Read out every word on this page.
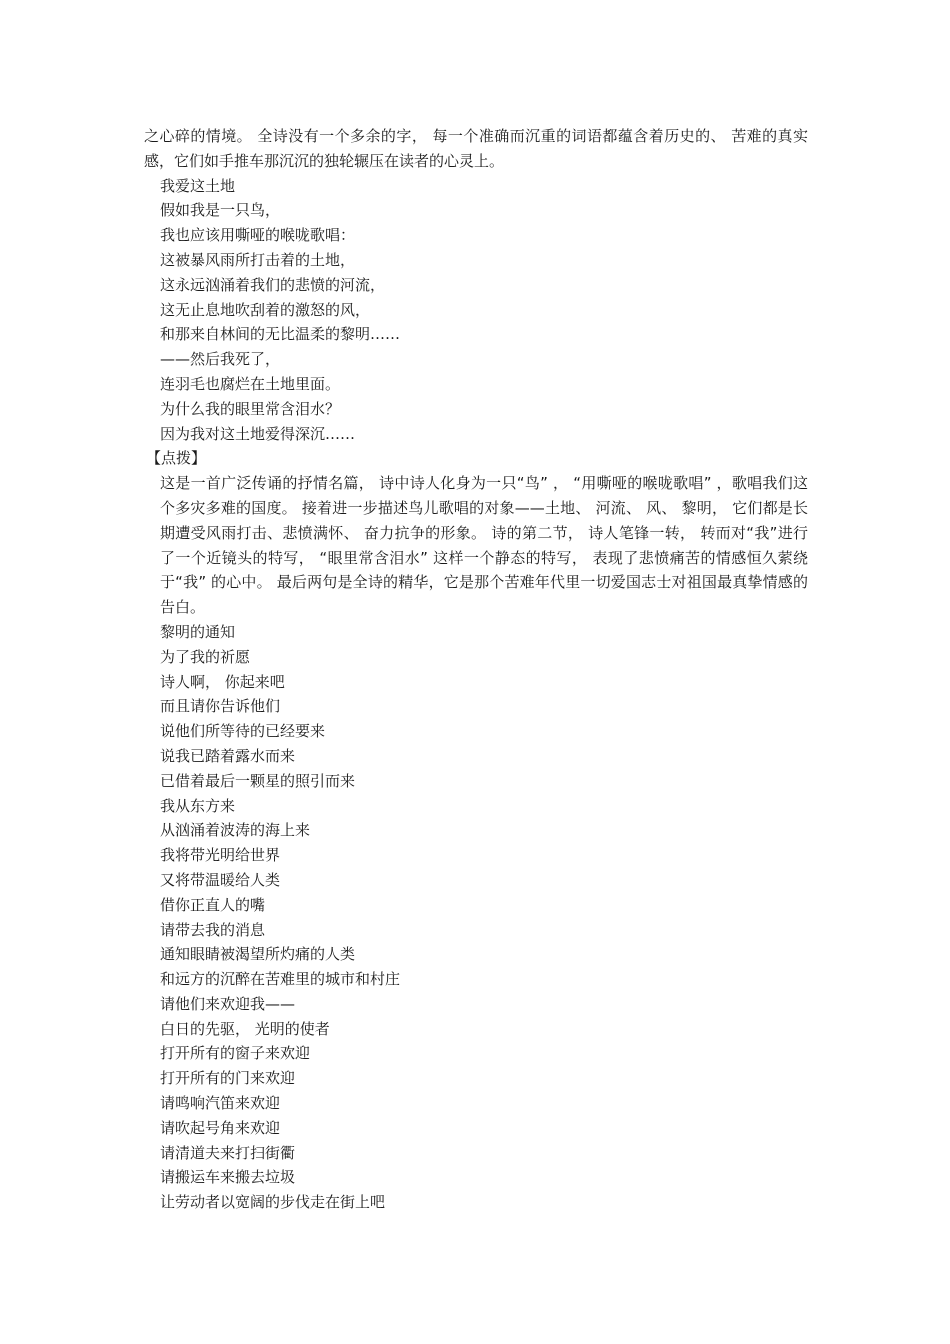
之心碎的情境。 全诗没有一个多余的字， 每一个准确而沉重的词语都蕴含着历史的、 苦难的真实感，它们如手推车那沉沉的独轮辗压在读者的心灵上。

我爱这土地

假如我是一只鸟，

我也应该用嘶哑的喉咙歌唱：

这被暴风雨所打击着的土地，

这永远汹涌着我们的悲愤的河流，

这无止息地吹刮着的激怒的风，

和那来自林间的无比温柔的黎明……

——然后我死了，

连羽毛也腐烂在土地里面。

为什么我的眼里常含泪水？

因为我对这土地爱得深沉……

【点拨】

这是一首广泛传诵的抒情名篇， 诗中诗人化身为一只“鸟” ， “用嘶哑的喉咙歌唱” ，歌唱我们这个多灾多难的国度。 接着进一步描述鸟儿歌唱的对象——土地、 河流、 风、 黎明， 它们都是长期遭受风雨打击、悲愤满怀、 奋力抗争的形象。 诗的第二节， 诗人笔锋一转， 转而对“我”进行了一个近镜头的特写， “眼里常含泪水” 这样一个静态的特写， 表现了悲愤痛苦的情感恒久萦绕于“我” 的心中。 最后两句是全诗的精华，它是那个苦难年代里一切爱国志士对祖国最真挚情感的告白。

黎明的通知

为了我的祈愿

诗人啊， 你起来吧

而且请你告诉他们

说他们所等待的已经要来

说我已踏着露水而来

已借着最后一颗星的照引而来

我从东方来

从汹涌着波涛的海上来

我将带光明给世界

又将带温暖给人类

借你正直人的嘴

请带去我的消息

通知眼睛被渴望所灼痛的人类

和远方的沉醉在苦难里的城市和村庄

请他们来欢迎我——

白日的先驱， 光明的使者

打开所有的窗子来欢迎

打开所有的门来欢迎

请鸣响汽笛来欢迎

请吹起号角来欢迎

请清道夫来打扫街衢

请搬运车来搬去垃圾

让劳动者以宽阔的步伐走在街上吧
